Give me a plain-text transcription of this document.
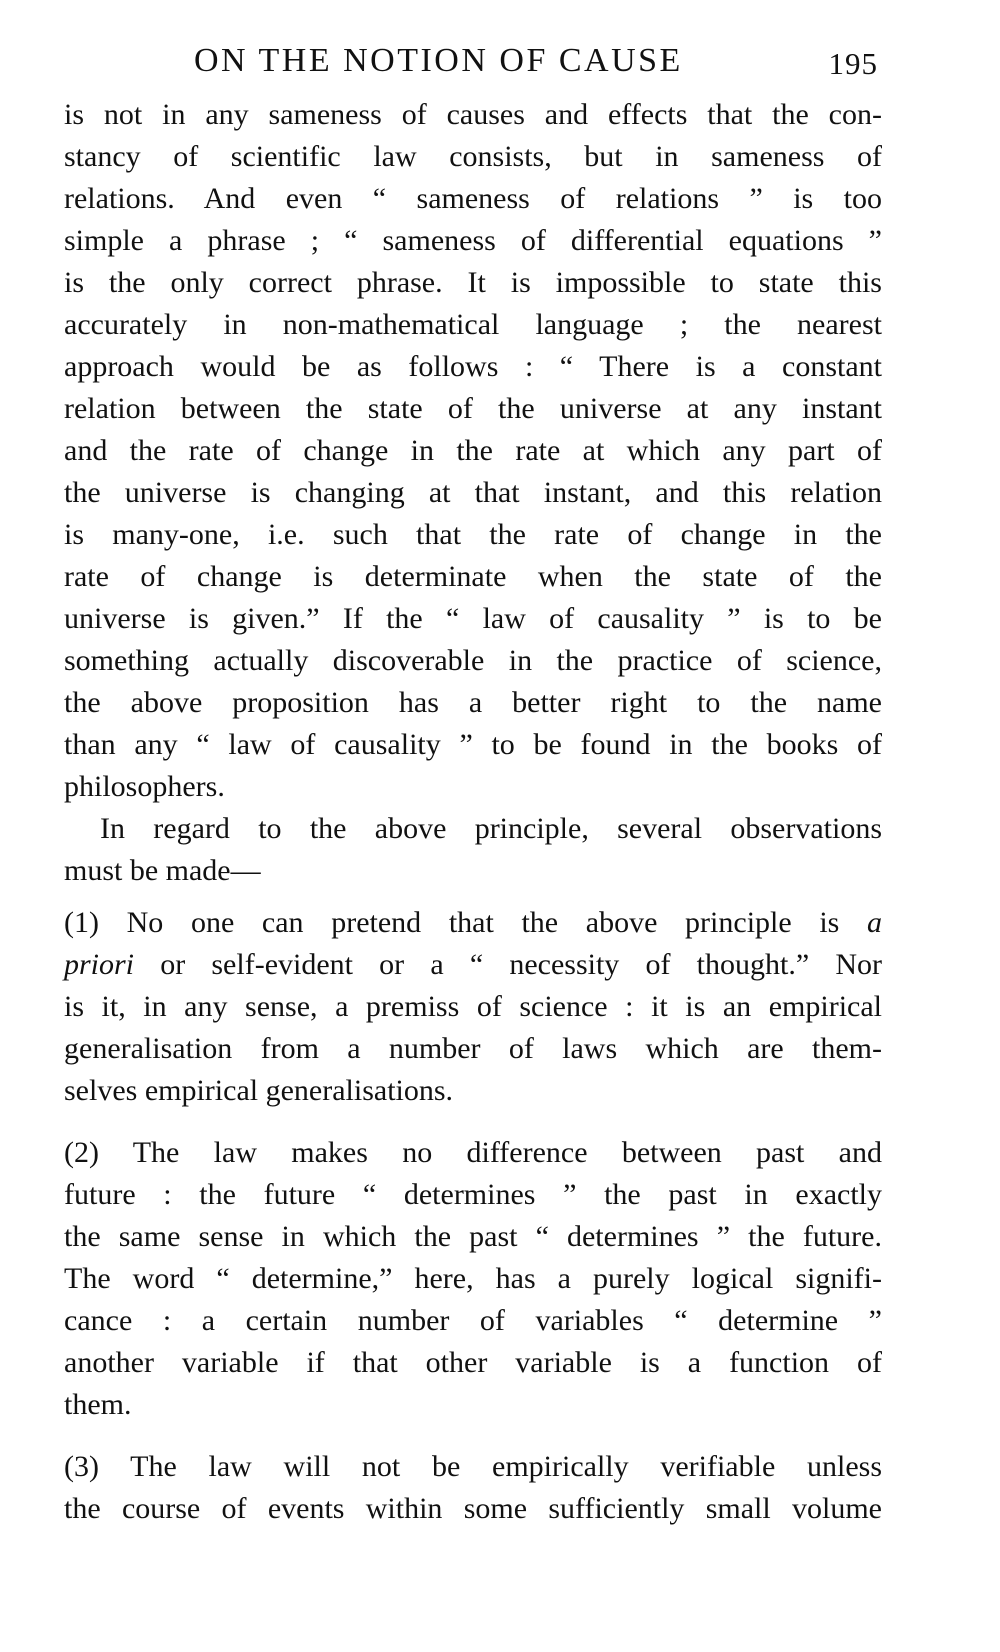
ON THE NOTION OF CAUSE	195

is not in any sameness of causes and effects that the con-
stancy of scientific law consists, but in sameness of
relations. And even “ sameness of relations ” is too
simple a phrase ; “ sameness of differential equations ”
is the only correct phrase. It is impossible to state this
accurately in non-mathematical language ; the nearest
approach would be as follows : “ There is a constant
relation between the state of the universe at any instant
and the rate of change in the rate at which any part of
the universe is changing at that instant, and this relation
is many-one, i.e. such that the rate of change in the
rate of change is determinate when the state of the
universe is given.” If the “ law of causality ” is to be
something actually discoverable in the practice of science,
the above proposition has a better right to the name
than any “ law of causality ” to be found in the books of
philosophers.

In regard to the above principle, several observations
must be made—

(1) No one can pretend that the above principle is a
priori or self-evident or a “ necessity of thought.” Nor
is it, in any sense, a premiss of science : it is an empirical
generalisation from a number of laws which are them-
selves empirical generalisations.

(2) The law makes no difference between past and
future : the future “ determines ” the past in exactly
the same sense in which the past “ determines ” the future.
The word “ determine,” here, has a purely logical signifi-
cance : a certain number of variables “ determine ”
another variable if that other variable is a function of
them.

(3) The law will not be empirically verifiable unless
the course of events within some sufficiently small volume
